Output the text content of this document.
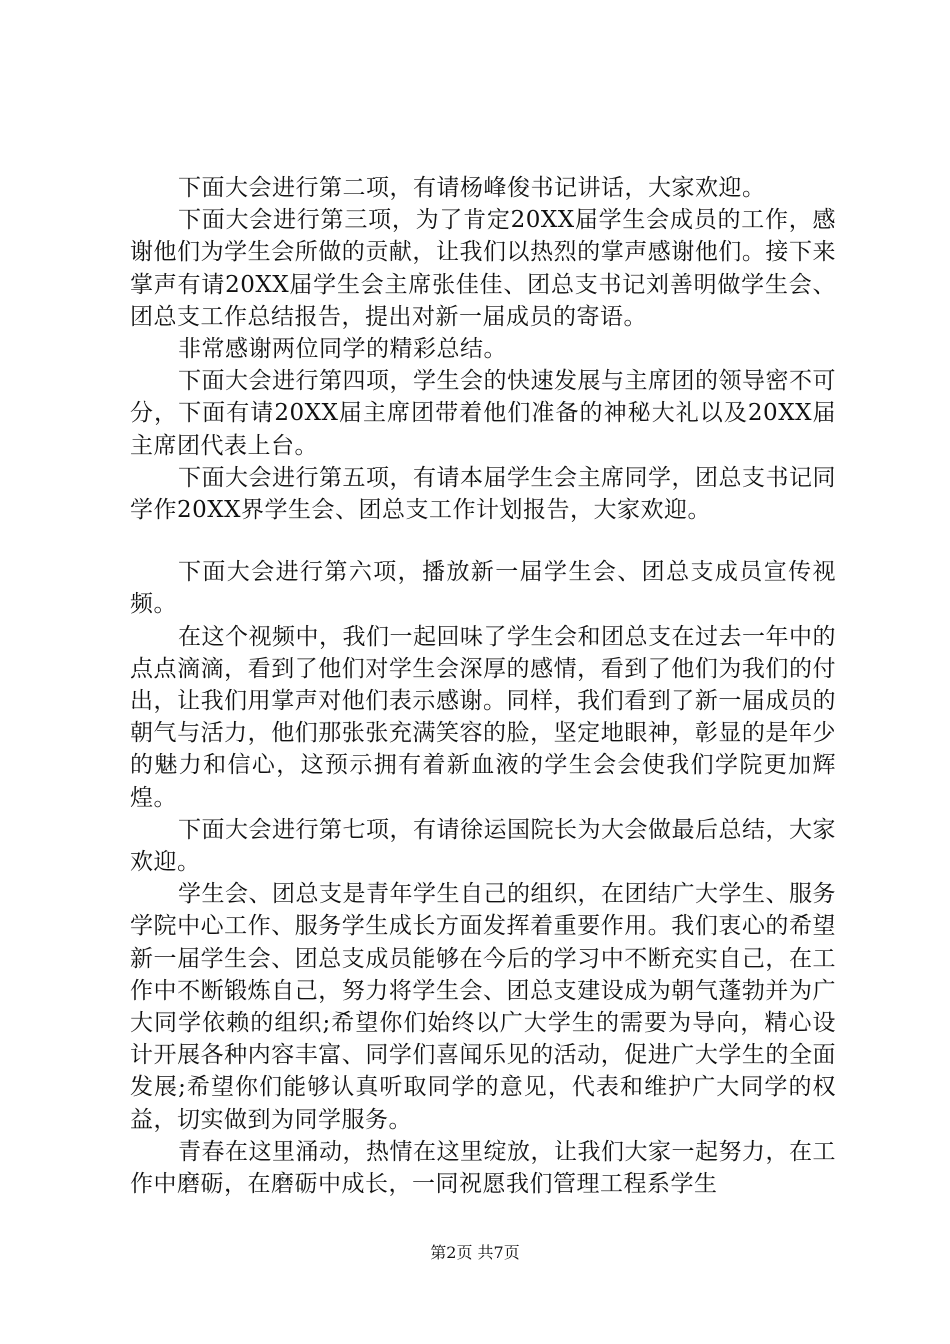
下面大会进行第二项，有请杨峰俊书记讲话，大家欢迎。

下面大会进行第三项，为了肯定20XX届学生会成员的工作，感谢他们为学生会所做的贡献，让我们以热烈的掌声感谢他们。接下来掌声有请20XX届学生会主席张佳佳、团总支书记刘善明做学生会、团总支工作总结报告，提出对新一届成员的寄语。

非常感谢两位同学的精彩总结。

下面大会进行第四项，学生会的快速发展与主席团的领导密不可分，下面有请20XX届主席团带着他们准备的神秘大礼以及20XX届主席团代表上台。

下面大会进行第五项，有请本届学生会主席同学，团总支书记同学作20XX界学生会、团总支工作计划报告，大家欢迎。

下面大会进行第六项，播放新一届学生会、团总支成员宣传视频。

在这个视频中，我们一起回味了学生会和团总支在过去一年中的点点滴滴，看到了他们对学生会深厚的感情，看到了他们为我们的付出，让我们用掌声对他们表示感谢。同样，我们看到了新一届成员的朝气与活力，他们那张张充满笑容的脸，坚定地眼神，彰显的是年少的魅力和信心，这预示拥有着新血液的学生会会使我们学院更加辉煌。

下面大会进行第七项，有请徐运国院长为大会做最后总结，大家欢迎。

学生会、团总支是青年学生自己的组织，在团结广大学生、服务学院中心工作、服务学生成长方面发挥着重要作用。我们衷心的希望新一届学生会、团总支成员能够在今后的学习中不断充实自己，在工作中不断锻炼自己，努力将学生会、团总支建设成为朝气蓬勃并为广大同学依赖的组织;希望你们始终以广大学生的需要为导向，精心设计开展各种内容丰富、同学们喜闻乐见的活动，促进广大学生的全面发展;希望你们能够认真听取同学的意见，代表和维护广大同学的权益，切实做到为同学服务。

青春在这里涌动，热情在这里绽放，让我们大家一起努力，在工作中磨砺，在磨砺中成长，一同祝愿我们管理工程系学生

第2页 共7页
